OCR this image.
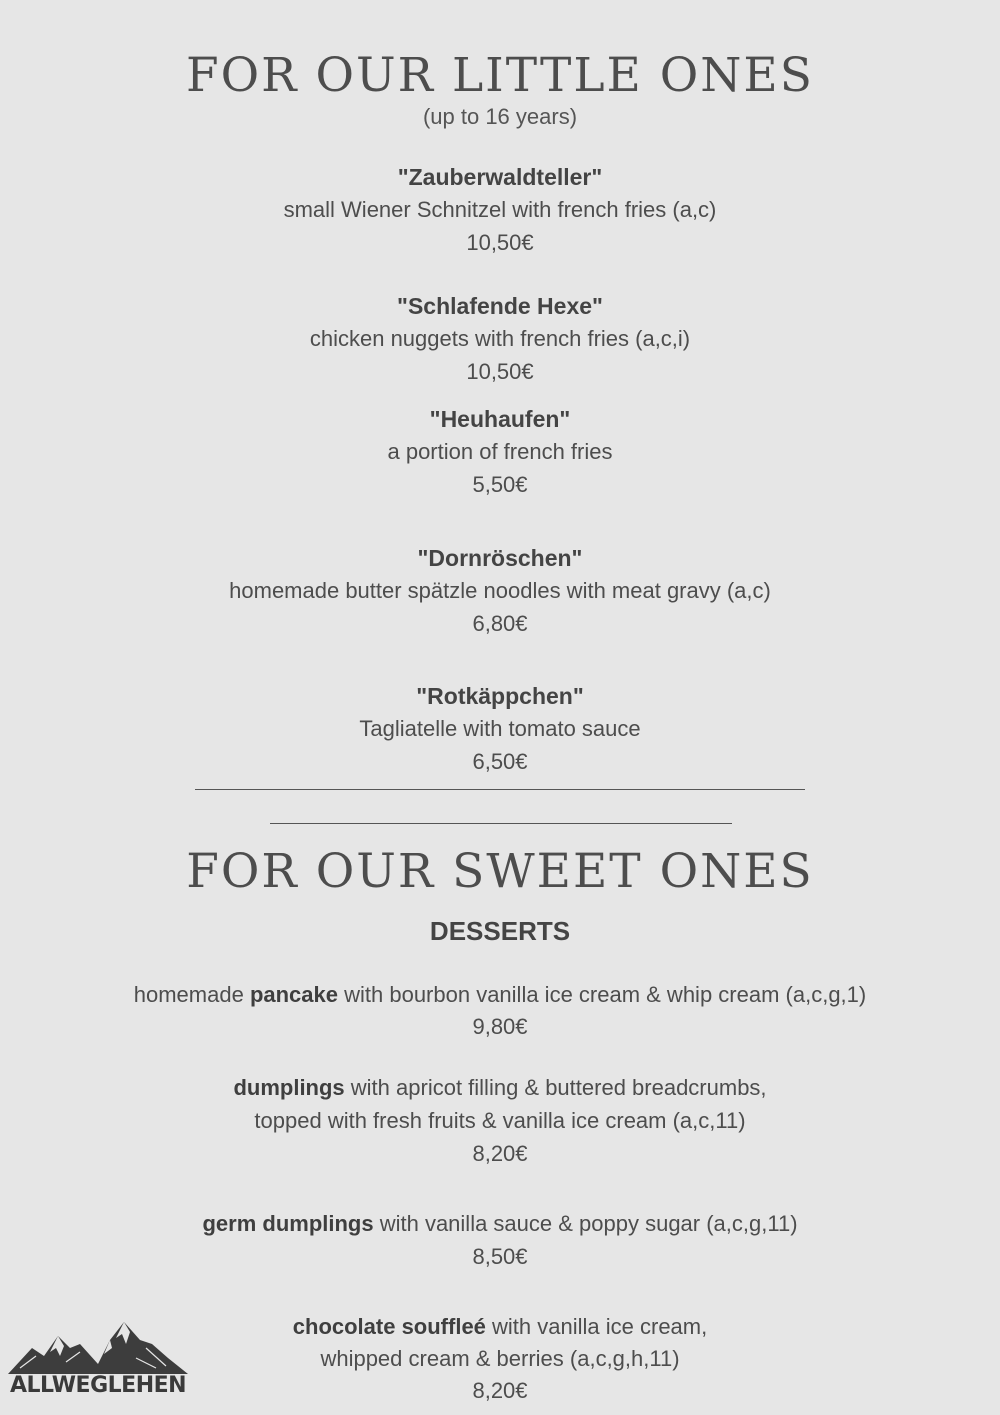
FOR OUR LITTLE ONES
(up to 16 years)
"Zauberwaldteller"
small Wiener Schnitzel with french fries (a,c)
10,50€
"Schlafende Hexe"
chicken nuggets with french fries (a,c,i)
10,50€
"Heuhaufen"
a portion of french fries
5,50€
"Dornröschen"
homemade butter spätzle noodles with meat gravy (a,c)
6,80€
"Rotkäppchen"
Tagliatelle with tomato sauce
6,50€
FOR OUR SWEET ONES
DESSERTS
homemade pancake with bourbon vanilla ice cream & whip cream (a,c,g,1)
9,80€
dumplings with apricot filling & buttered breadcrumbs,
topped with fresh fruits & vanilla ice cream (a,c,11)
8,20€
germ dumplings with vanilla sauce & poppy sugar (a,c,g,11)
8,50€
chocolate souffleé with vanilla ice cream,
whipped cream & berries (a,c,g,h,11)
8,20€
ALLWEGLEHEN
